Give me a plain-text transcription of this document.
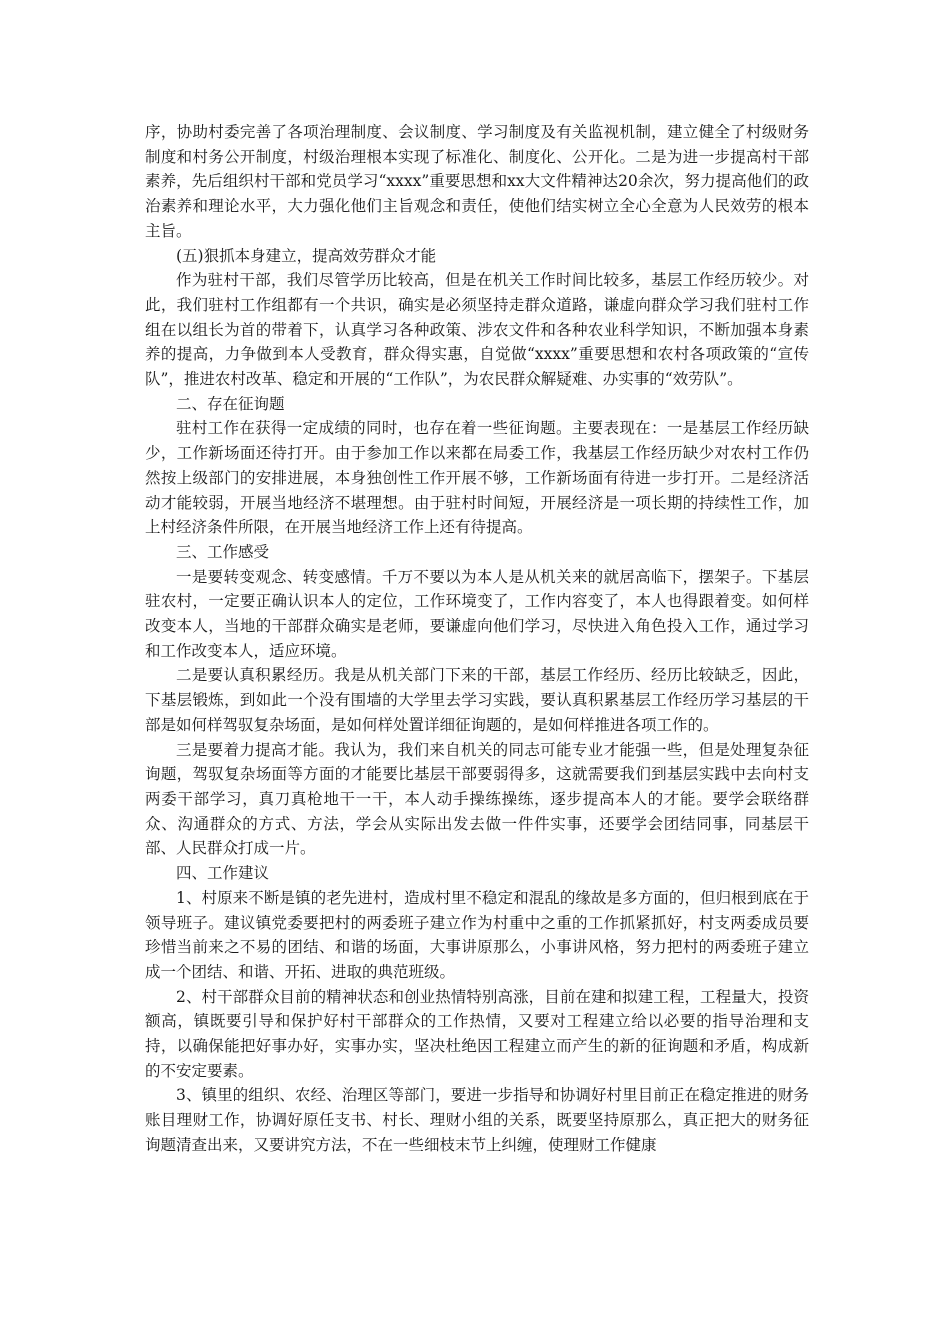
序，协助村委完善了各项治理制度、会议制度、学习制度及有关监视机制，建立健全了村级财务制度和村务公开制度，村级治理根本实现了标准化、制度化、公开化。二是为进一步提高村干部素养，先后组织村干部和党员学习“xxxx”重要思想和xx大文件精神达20余次，努力提高他们的政治素养和理论水平，大力强化他们主旨观念和责任，使他们结实树立全心全意为人民效劳的根本主旨。

(五)狠抓本身建立，提高效劳群众才能

作为驻村干部，我们尽管学历比较高，但是在机关工作时间比较多，基层工作经历较少。对此，我们驻村工作组都有一个共识，确实是必须坚持走群众道路，谦虚向群众学习我们驻村工作组在以组长为首的带着下，认真学习各种政策、涉农文件和各种农业科学知识，不断加强本身素养的提高，力争做到本人受教育，群众得实惠，自觉做“xxxx”重要思想和农村各项政策的“宣传队”，推进农村改革、稳定和开展的“工作队”，为农民群众解疑难、办实事的“效劳队”。

二、存在征询题

驻村工作在获得一定成绩的同时，也存在着一些征询题。主要表现在：一是基层工作经历缺少，工作新场面还待打开。由于参加工作以来都在局委工作，我基层工作经历缺少对农村工作仍然按上级部门的安排进展，本身独创性工作开展不够，工作新场面有待进一步打开。二是经济活动才能较弱，开展当地经济不堪理想。由于驻村时间短，开展经济是一项长期的持续性工作，加上村经济条件所限，在开展当地经济工作上还有待提高。

三、工作感受

一是要转变观念、转变感情。千万不要以为本人是从机关来的就居高临下，摆架子。下基层驻农村，一定要正确认识本人的定位，工作环境变了，工作内容变了，本人也得跟着变。如何样改变本人，当地的干部群众确实是老师，要谦虚向他们学习，尽快进入角色投入工作，通过学习和工作改变本人，适应环境。

二是要认真积累经历。我是从机关部门下来的干部，基层工作经历、经历比较缺乏，因此，下基层锻炼，到如此一个没有围墙的大学里去学习实践，要认真积累基层工作经历学习基层的干部是如何样驾驭复杂场面，是如何样处置详细征询题的，是如何样推进各项工作的。

三是要着力提高才能。我认为，我们来自机关的同志可能专业才能强一些，但是处理复杂征询题，驾驭复杂场面等方面的才能要比基层干部要弱得多，这就需要我们到基层实践中去向村支两委干部学习，真刀真枪地干一干，本人动手操练操练，逐步提高本人的才能。要学会联络群众、沟通群众的方式、方法，学会从实际出发去做一件件实事，还要学会团结同事，同基层干部、人民群众打成一片。

四、工作建议

1、村原来不断是镇的老先进村，造成村里不稳定和混乱的缘故是多方面的，但归根到底在于领导班子。建议镇党委要把村的两委班子建立作为村重中之重的工作抓紧抓好，村支两委成员要珍惜当前来之不易的团结、和谐的场面，大事讲原那么，小事讲风格，努力把村的两委班子建立成一个团结、和谐、开拓、进取的典范班级。

2、村干部群众目前的精神状态和创业热情特别高涨，目前在建和拟建工程，工程量大，投资额高，镇既要引导和保护好村干部群众的工作热情，又要对工程建立给以必要的指导治理和支持，以确保能把好事办好，实事办实，坚决杜绝因工程建立而产生的新的征询题和矛盾，构成新的不安定要素。

3、镇里的组织、农经、治理区等部门，要进一步指导和协调好村里目前正在稳定推进的财务账目理财工作，协调好原任支书、村长、理财小组的关系，既要坚持原那么，真正把大的财务征询题清查出来，又要讲究方法，不在一些细枝末节上纠缠，使理财工作健康
